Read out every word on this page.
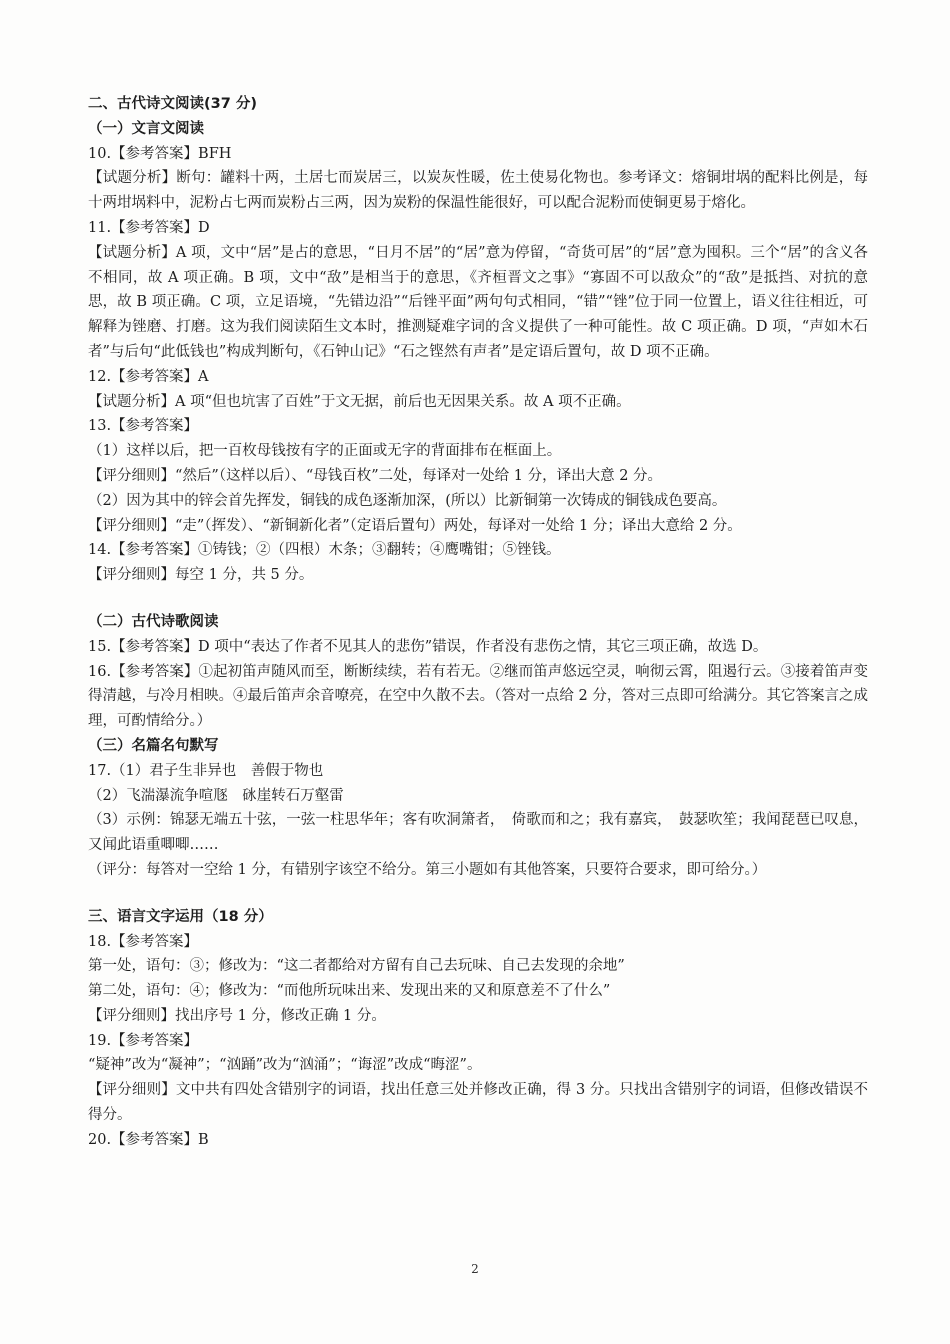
二、古代诗文阅读(37 分)
（一）文言文阅读
10.【参考答案】BFH
【试题分析】断句：罐料十两，土居七而炭居三，以炭灰性暖，佐土使易化物也。参考译文：熔铜坩埚的配料比例是，每十两坩埚料中，泥粉占七两而炭粉占三两，因为炭粉的保温性能很好，可以配合泥粉而使铜更易于熔化。
11.【参考答案】D
【试题分析】A 项，文中“居”是占的意思，“日月不居”的“居”意为停留，“奇货可居”的“居”意为囤积。三个“居”的含义各不相同，故 A 项正确。B 项，文中“敌”是相当于的意思，《齐桓晋文之事》“寡固不可以敌众”的“敌”是抵挡、对抗的意思，故 B 项正确。C 项，立足语境，“先错边沿”“后锉平面”两句句式相同，“错”“锉”位于同一位置上，语义往往相近，可解释为锉磨、打磨。这为我们阅读陌生文本时，推测疑难字词的含义提供了一种可能性。故 C 项正确。D 项，“声如木石者”与后句“此低钱也”构成判断句，《石钟山记》“石之铿然有声者”是定语后置句，故 D 项不正确。
12.【参考答案】A
【试题分析】A 项“但也坑害了百姓”于文无据，前后也无因果关系。故 A 项不正确。
13.【参考答案】
（1）这样以后，把一百枚母钱按有字的正面或无字的背面排布在框面上。
【评分细则】“然后”（这样以后）、“母钱百枚”二处，每译对一处给 1 分，译出大意 2 分。
（2）因为其中的锌会首先挥发，铜钱的成色逐渐加深，(所以）比新铜第一次铸成的铜钱成色要高。
【评分细则】“走”（挥发）、“新铜新化者”（定语后置句）两处，每译对一处给 1 分；译出大意给 2 分。
14.【参考答案】①铸钱；②（四根）木条；③翻转；④鹰嘴钳；⑤锉钱。
【评分细则】每空 1 分，共 5 分。
（二）古代诗歌阅读
15.【参考答案】D 项中“表达了作者不见其人的悲伤”错误，作者没有悲伤之情，其它三项正确，故选 D。
16.【参考答案】①起初笛声随风而至，断断续续，若有若无。②继而笛声悠远空灵，响彻云霄，阻遏行云。③接着笛声变得清越，与冷月相映。④最后笛声余音嘹亮，在空中久散不去。（答对一点给 2 分，答对三点即可给满分。其它答案言之成理，可酌情给分。）
（三）名篇名句默写
17.（1）君子生非异也　善假于物也
（2）飞湍瀑流争喧豗　砯崖转石万壑雷
（3）示例：锦瑟无端五十弦，一弦一柱思华年；客有吹洞箫者，　倚歌而和之；我有嘉宾，　鼓瑟吹笙；我闻琵琶已叹息，又闻此语重唧唧……
（评分：每答对一空给 1 分，有错别字该空不给分。第三小题如有其他答案，只要符合要求，即可给分。）
三、语言文字运用（18 分）
18.【参考答案】
第一处，语句：③；修改为：“这二者都给对方留有自己去玩味、自己去发现的余地”
第二处，语句：④；修改为：“而他所玩味出来、发现出来的又和原意差不了什么”
【评分细则】找出序号 1 分，修改正确 1 分。
19.【参考答案】
“疑神”改为“凝神”；“汹踊”改为“汹涌”；“诲涩”改成“晦涩”。
【评分细则】文中共有四处含错别字的词语，找出任意三处并修改正确，得 3 分。只找出含错别字的词语，但修改错误不得分。
20.【参考答案】B
2
